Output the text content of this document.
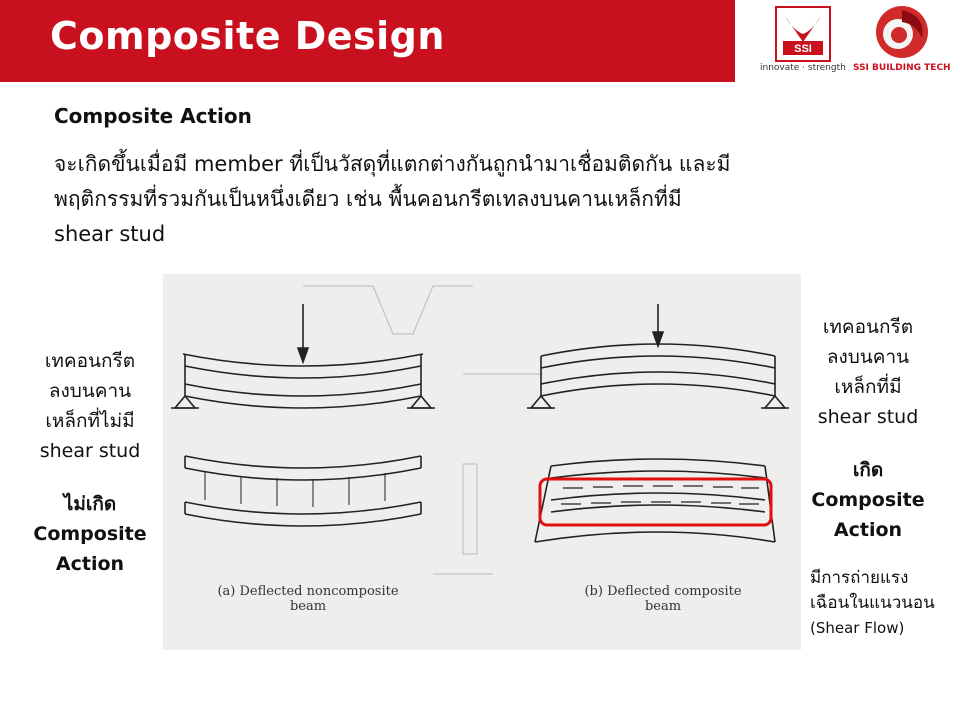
Composite Design	SSI
innovate · strength SSI BUILDING TECH
Composite Action
จะเกิดขึ้นเมื่อมี member ที่เป็นวัสดุที่แตกต่างกันถูกนำมาเชื่อมติดกัน และมี
พฤติกรรมที่รวมกันเป็นหนึ่งเดียว เช่น พื้นคอนกรีตเทลงบนคานเหล็กที่มี
shear stud
(a) Deflected noncomposite
beam
(b) Deflected composite
beam
เทคอนกรีต
ลงบนคาน
เหล็กที่ไม่มี
shear stud
ไม่เกิด
Composite
Action
เทคอนกรีต
ลงบนคาน
เหล็กที่มี
shear stud
เกิด
Composite
Action
มีการถ่ายแรง
เฉือนในแนวนอน
(Shear Flow)
